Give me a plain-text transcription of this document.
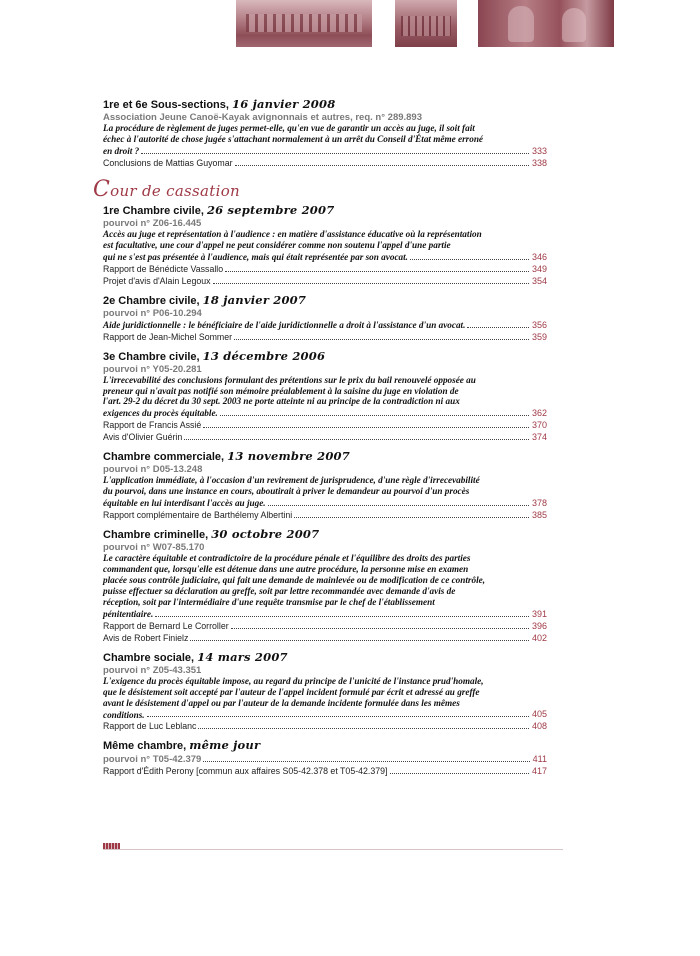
1re et 6e Sous-sections, 16 janvier 2008
Association Jeune Canoë-Kayak avignonnais et autres, req. n° 289.893
La procédure de règlement de juges permet-elle, qu'en vue de garantir un accès au juge, il soit fait
échec à l'autorité de chose jugée s'attachant normalement à un arrêt du Conseil d'État même erroné
en droit ?	333
Conclusions de Mattias Guyomar	338
Cour de cassation
1re Chambre civile, 26 septembre 2007
pourvoi n° Z06-16.445
Accès au juge et représentation à l'audience : en matière d'assistance éducative où la représentation
est facultative, une cour d'appel ne peut considérer comme non soutenu l'appel d'une partie
qui ne s'est pas présentée à l'audience, mais qui était représentée par son avocat.	346
Rapport de Bénédicte Vassallo	349
Projet d'avis d'Alain Legoux	354
2e Chambre civile, 18 janvier 2007
pourvoi n° P06-10.294
Aide juridictionnelle : le bénéficiaire de l'aide juridictionnelle a droit à l'assistance d'un avocat.	356
Rapport de Jean-Michel Sommer	359
3e Chambre civile, 13 décembre 2006
pourvoi n° Y05-20.281
L'irrecevabilité des conclusions formulant des prétentions sur le prix du bail renouvelé opposée au
preneur qui n'avait pas notifié son mémoire préalablement à la saisine du juge en violation de
l'art. 29-2 du décret du 30 sept. 2003 ne porte atteinte ni au principe de la contradiction ni aux
exigences du procès équitable.	362
Rapport de Francis Assié	370
Avis d'Olivier Guérin	374
Chambre commerciale, 13 novembre 2007
pourvoi n° D05-13.248
L'application immédiate, à l'occasion d'un revirement de jurisprudence, d'une règle d'irrecevabilité
du pourvoi, dans une instance en cours, aboutirait à priver le demandeur au pourvoi d'un procès
équitable en lui interdisant l'accès au juge.	378
Rapport complémentaire de Barthélemy Albertini	385
Chambre criminelle, 30 octobre 2007
pourvoi n° W07-85.170
Le caractère équitable et contradictoire de la procédure pénale et l'équilibre des droits des parties
commandent que, lorsqu'elle est détenue dans une autre procédure, la personne mise en examen
placée sous contrôle judiciaire, qui fait une demande de mainlevée ou de modification de ce contrôle,
puisse effectuer sa déclaration au greffe, soit par lettre recommandée avec demande d'avis de
réception, soit par l'intermédiaire d'une requête transmise par le chef de l'établissement
pénitentiaire.	391
Rapport de Bernard Le Corroller	396
Avis de Robert Finielz	402
Chambre sociale, 14 mars 2007
pourvoi n° Z05-43.351
L'exigence du procès équitable impose, au regard du principe de l'unicité de l'instance prud'homale,
que le désistement soit accepté par l'auteur de l'appel incident formulé par écrit et adressé au greffe
avant le désistement d'appel ou par l'auteur de la demande incidente formulée dans les mêmes
conditions.	405
Rapport de Luc Leblanc	408
Même chambre, même jour
pourvoi n° T05-42.379	411
Rapport d'Édith Perony [commun aux affaires S05-42.378 et T05-42.379]	417
